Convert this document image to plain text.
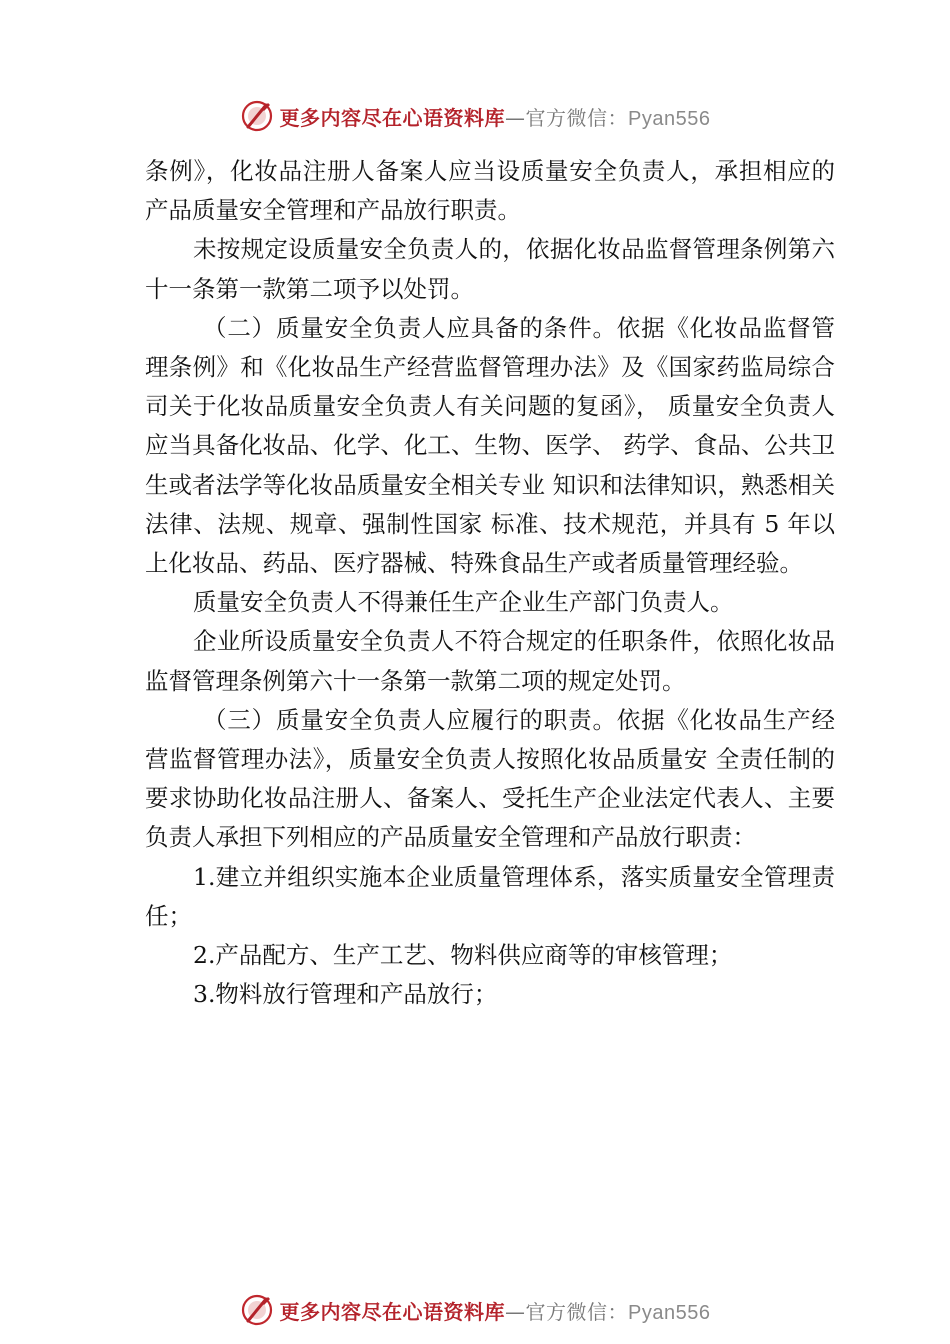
更多内容尽在心语资料库—官方微信：Pyan556

条例》，化妆品注册人备案人应当设质量安全负责人，承担相应的产品质量安全管理和产品放行职责。

未按规定设质量安全负责人的，依据化妆品监督管理条例第六十一条第一款第二项予以处罚。

（二）质量安全负责人应具备的条件。依据《化妆品监督管理条例》和《化妆品生产经营监督管理办法》及《国家药监局综合司关于化妆品质量安全负责人有关问题的复函》， 质量安全负责人应当具备化妆品、化学、化工、生物、医学、 药学、食品、公共卫生或者法学等化妆品质量安全相关专业 知识和法律知识，熟悉相关法律、法规、规章、强制性国家 标准、技术规范，并具有 5 年以上化妆品、药品、医疗器械、特殊食品生产或者质量管理经验。

质量安全负责人不得兼任生产企业生产部门负责人。

企业所设质量安全负责人不符合规定的任职条件，依照化妆品监督管理条例第六十一条第一款第二项的规定处罚。

（三）质量安全负责人应履行的职责。依据《化妆品生产经营监督管理办法》，质量安全负责人按照化妆品质量安 全责任制的要求协助化妆品注册人、备案人、受托生产企业法定代表人、主要负责人承担下列相应的产品质量安全管理和产品放行职责：

1.建立并组织实施本企业质量管理体系，落实质量安全管理责任；

2.产品配方、生产工艺、物料供应商等的审核管理；

3.物料放行管理和产品放行；

更多内容尽在心语资料库—官方微信：Pyan556
